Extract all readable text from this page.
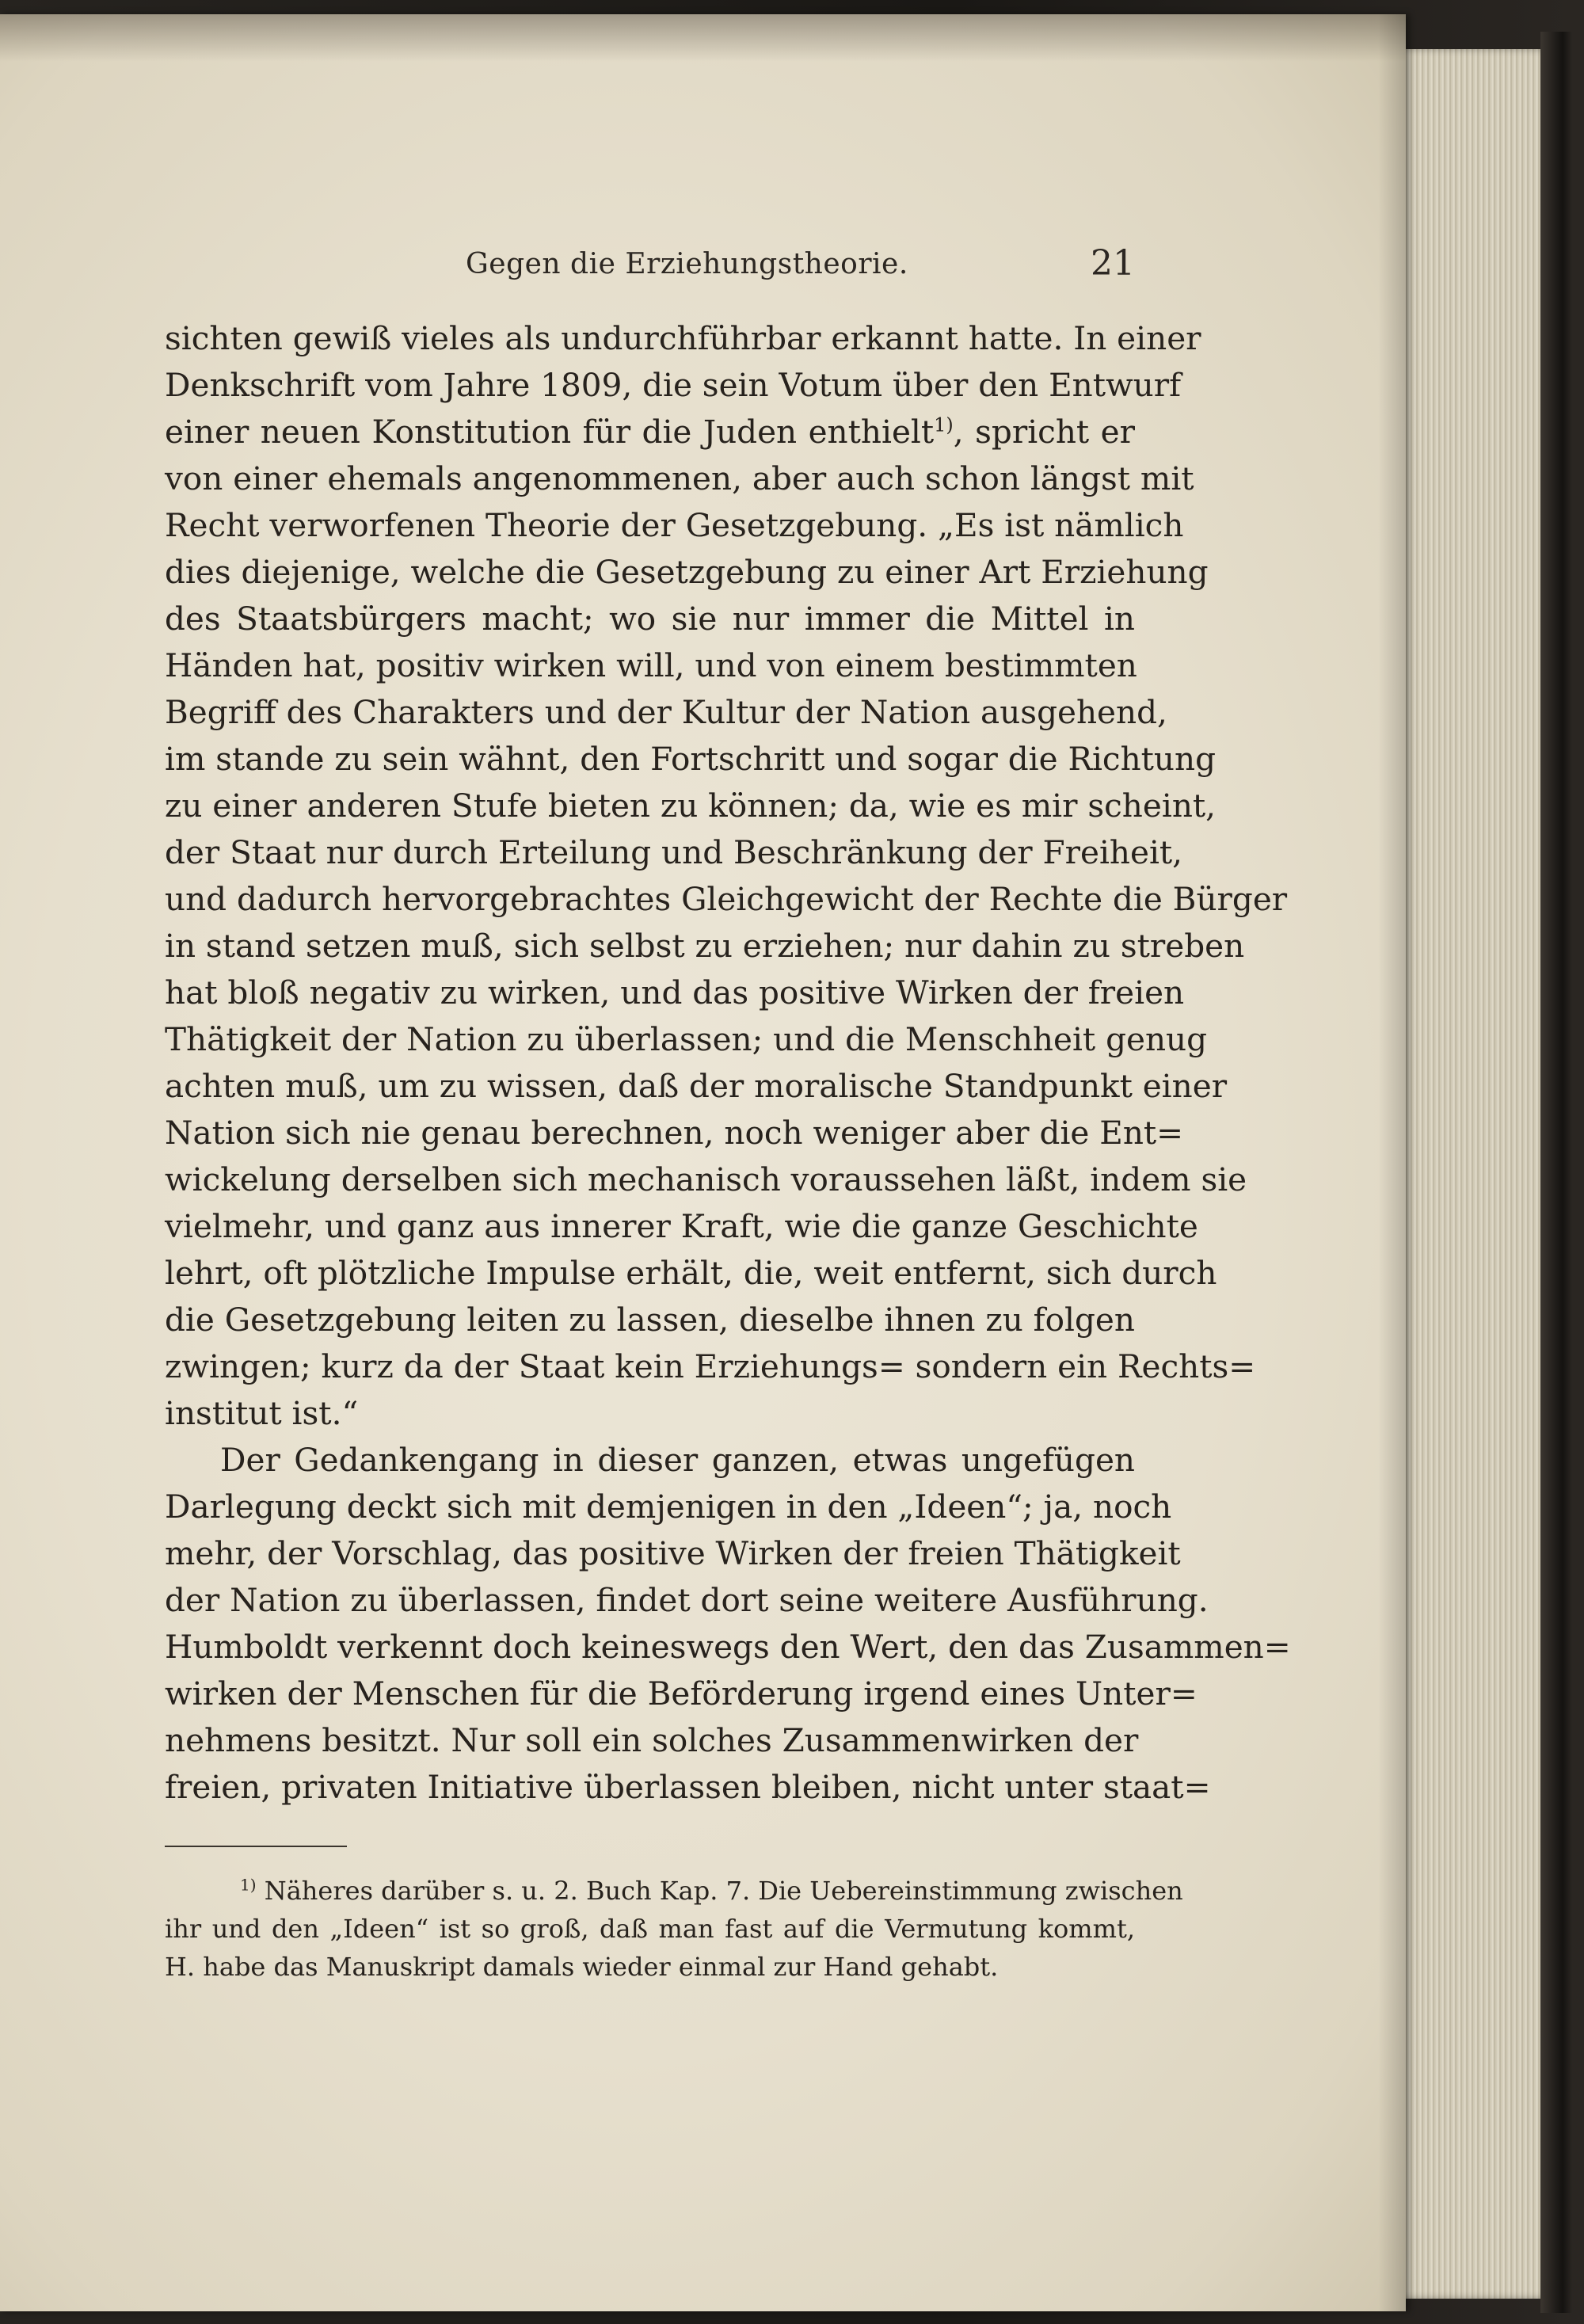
Gegen die Erziehungstheorie.	21
sichten gewiß vieles als undurchführbar erkannt hatte. In einer
Denkschrift vom Jahre 1809, die sein Votum über den Entwurf
einer neuen Konstitution für die Juden enthielt$^{1)}$, spricht er
von einer ehemals angenommenen, aber auch schon längst mit
Recht verworfenen Theorie der Gesetzgebung. „Es ist nämlich
dies diejenige, welche die Gesetzgebung zu einer Art Erziehung
des Staatsbürgers macht; wo sie nur immer die Mittel in
Händen hat, positiv wirken will, und von einem bestimmten
Begriff des Charakters und der Kultur der Nation ausgehend,
im stande zu sein wähnt, den Fortschritt und sogar die Richtung
zu einer anderen Stufe bieten zu können; da, wie es mir scheint,
der Staat nur durch Erteilung und Beschränkung der Freiheit,
und dadurch hervorgebrachtes Gleichgewicht der Rechte die Bürger
in stand setzen muß, sich selbst zu erziehen; nur dahin zu streben
hat bloß negativ zu wirken, und das positive Wirken der freien
Thätigkeit der Nation zu überlassen; und die Menschheit genug
achten muß, um zu wissen, daß der moralische Standpunkt einer
Nation sich nie genau berechnen, noch weniger aber die Ent=
wickelung derselben sich mechanisch voraussehen läßt, indem sie
vielmehr, und ganz aus innerer Kraft, wie die ganze Geschichte
lehrt, oft plötzliche Impulse erhält, die, weit entfernt, sich durch
die Gesetzgebung leiten zu lassen, dieselbe ihnen zu folgen
zwingen; kurz da der Staat kein Erziehungs= sondern ein Rechts=
institut ist.“
Der Gedankengang in dieser ganzen, etwas ungefügen
Darlegung deckt sich mit demjenigen in den „Ideen“; ja, noch
mehr, der Vorschlag, das positive Wirken der freien Thätigkeit
der Nation zu überlassen, findet dort seine weitere Ausführung.
Humboldt verkennt doch keineswegs den Wert, den das Zusammen=
wirken der Menschen für die Beförderung irgend eines Unter=
nehmens besitzt. Nur soll ein solches Zusammenwirken der
freien, privaten Initiative überlassen bleiben, nicht unter staat=
$^{1)}$ Näheres darüber s. u. 2. Buch Kap. 7. Die Uebereinstimmung zwischen
ihr und den „Ideen“ ist so groß, daß man fast auf die Vermutung kommt,
H. habe das Manuskript damals wieder einmal zur Hand gehabt.
